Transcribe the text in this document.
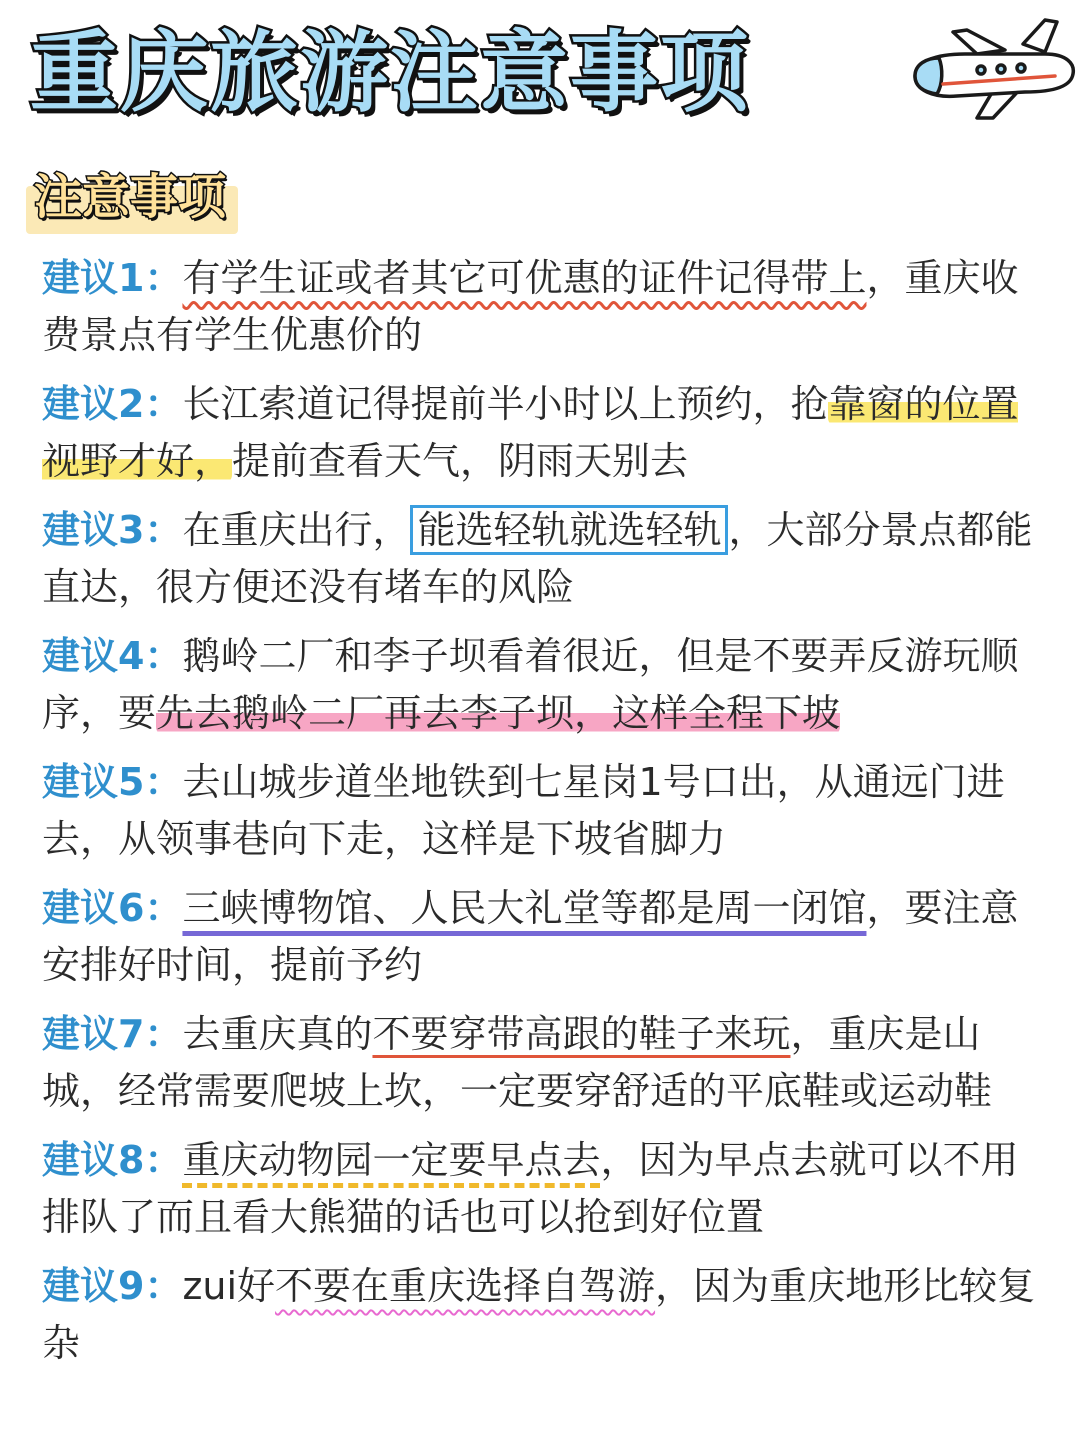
重庆旅游注意事项
注意事项
建议1：有学生证或者其它可优惠的证件记得带上，重庆收费景点有学生优惠价的
建议2：长江索道记得提前半小时以上预约，抢靠窗的位置视野才好，提前查看天气，阴雨天别去
建议3：在重庆出行， 能选轻轨就选轻轨 ，大部分景点都能直达，很方便还没有堵车的风险
建议4：鹅岭二厂和李子坝看着很近，但是不要弄反游玩顺序，要先去鹅岭二厂再去李子坝，这样全程下坡
建议5：去山城步道坐地铁到七星岗1号口出，从通远门进去，从领事巷向下走，这样是下坡省脚力
建议6：三峡博物馆、人民大礼堂等都是周一闭馆，要注意安排好时间，提前予约
建议7：去重庆真的不要穿带高跟的鞋子来玩，重庆是山城，经常需要爬坡上坎，一定要穿舒适的平底鞋或运动鞋
建议8：重庆动物园一定要早点去，因为早点去就可以不用排队了而且看大熊猫的话也可以抢到好位置
建议9：zui好不要在重庆选择自驾游，因为重庆地形比较复杂
